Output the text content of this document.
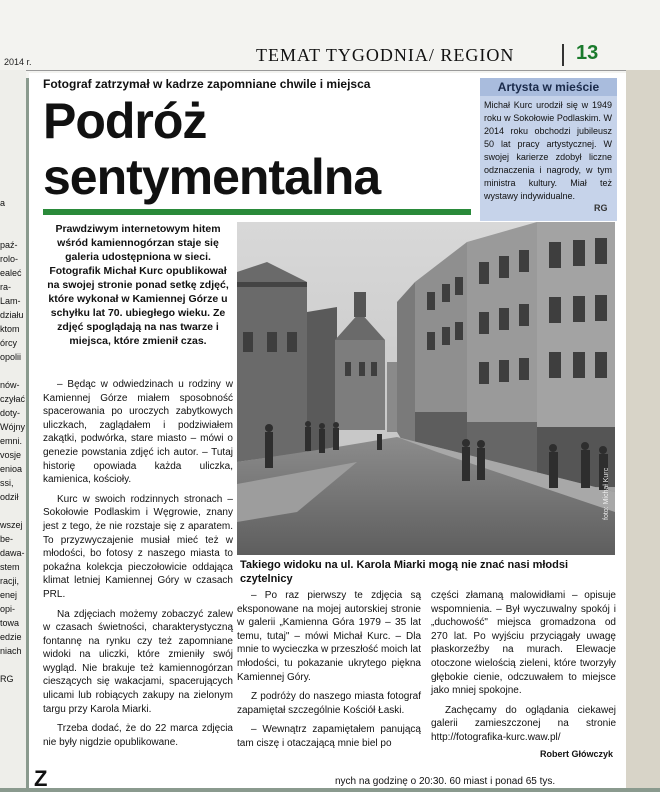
2014 r.	TEMAT TYGODNIA/ REGION	13
a
paź-
rolo-
ealeć
ra-
Lam-
działu
ktom
órcy
opolii
nów-
czyłać
doty-
Wójny
emni.
vosje
enioa
ssi,
odził
wszej
be-
dawa-
stem
racji,
enej
opi-
towa
edzie
niach
RG
Fotograf zatrzymał w kadrze zapomniane chwile i miejsca
Podróż
sentymentalna
Artysta w mieście
Michał Kurc urodził się w 1949 roku w Sokołowie Podlaskim. W 2014 roku obchodzi jubileusz 50 lat pracy artystycznej. W swojej karierze zdobył liczne odznaczenia i nagrody, w tym ministra kultury. Miał też wystawy indywidualne.
RG
Prawdziwym internetowym hitem wśród kamiennogórzan staje się galeria udostępniona w sieci. Fotografik Michał Kurc opublikował na swojej stronie ponad setkę zdjęć, które wykonał w Kamiennej Górze u schyłku lat 70. ubiegłego wieku. Ze zdjęć spoglądają na nas twarze i miejsca, które zmienił czas.

– Będąc w odwiedzinach u rodziny w Kamiennej Górze miałem sposobność spacerowania po uroczych zabytkowych uliczkach, zaglądałem i podziwiałem zakątki, podwórka, stare miasto – mówi o genezie powstania zdjęć ich autor. – Tutaj historię opowiada każda uliczka, kamienica, kościoły.

Kurc w swoich rodzinnych stronach – Sokołowie Podlaskim i Węgrowie, znany jest z tego, że nie rozstaje się z aparatem. To przyzwyczajenie musiał mieć też w młodości, bo fotosy z naszego miasta to pokaźna kolekcja pieczołowicie oddająca klimat letniej Kamiennej Góry w czasach PRL.

Na zdjęciach możemy zobaczyć zalew w czasach świetności, charakterystyczną fontannę na rynku czy też zapomniane widoki na uliczki, które zmieniły swój wygląd. Nie brakuje też kamiennogórzan cieszących się wakacjami, spacerujących ulicami lub robiących zakupy na zielonym targu przy Karola Miarki.

Trzeba dodać, że do 22 marca zdjęcia nie były nigdzie opublikowane.

foto: Michał Kurc
Takiego widoku na ul. Karola Miarki mogą nie znać nasi młodsi czytelnicy

– Po raz pierwszy te zdjęcia są eksponowane na mojej autorskiej stronie w galerii „Kamienna Góra 1979 – 35 lat temu, tutaj" – mówi Michał Kurc. – Dla mnie to wycieczka w przeszłość moich lat młodości, tu pokazanie ukrytego piękna Kamiennej Góry.

Z podróży do naszego miasta fotograf zapamiętał szczególnie Kościół Łaski.

– Wewnątrz zapamiętałem panującą tam ciszę i otaczającą mnie biel po

części złamaną malowidłami – opisuje wspomnienia. – Był wyczuwalny spokój i „duchowość" miejsca gromadzona od 270 lat. Po wyjściu przyciągały uwagę płaskorzeźby na murach. Elewacje otoczone wielością zieleni, które tworzyły głębokie cienie, odczuwałem to miejsce jako mniej spokojne.

Zachęcamy do oglądania ciekawej galerii zamieszczonej na stronie http://fotografika-kurc.waw.pl/

Robert Główczyk
Z	nych na godzinę o 20:30. 60 miast i ponad 65 tys.
